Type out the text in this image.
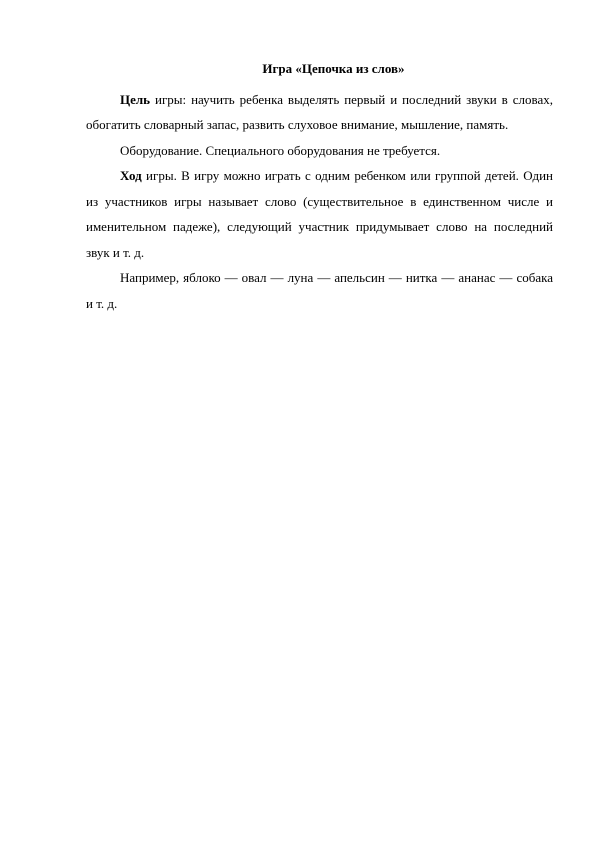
Игра «Цепочка из слов»

Цель игры: научить ребенка выделять первый и последний звуки в словах, обогатить словарный запас, развить слуховое внимание, мышление, память.

Оборудование. Специального оборудования не требуется.

Ход игры. В игру можно играть с одним ребенком или группой детей. Один из участников игры называет слово (существительное в единственном числе и именительном падеже), следующий участник придумывает слово на последний звук и т. д.

Например, яблоко — овал — луна — апельсин — нитка — ананас — собака и т. д.
